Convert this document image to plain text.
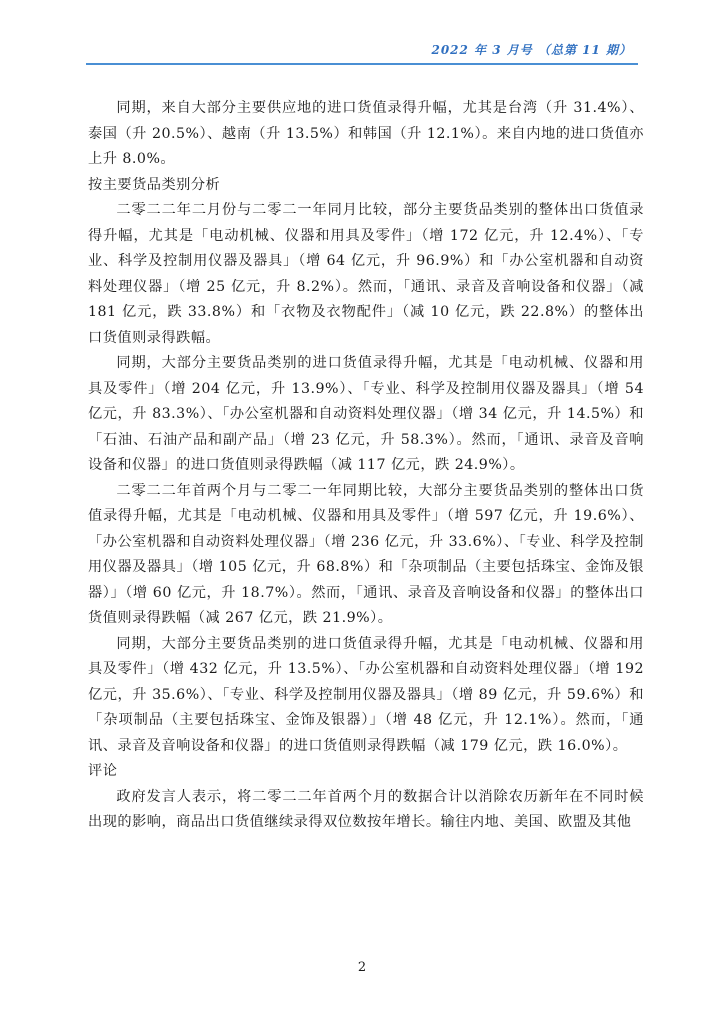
2022 年 3 月号 （总第 11 期）

同期，来自大部分主要供应地的进口货值录得升幅，尤其是台湾（升 31.4%）、泰国（升 20.5%）、越南（升 13.5%）和韩国（升 12.1%）。来自内地的进口货值亦上升 8.0%。

按主要货品类别分析

二零二二年二月份与二零二一年同月比较，部分主要货品类别的整体出口货值录得升幅，尤其是「电动机械、仪器和用具及零件」（增 172 亿元，升 12.4%）、「专业、科学及控制用仪器及器具」（增 64 亿元，升 96.9%）和「办公室机器和自动资料处理仪器」（增 25 亿元，升 8.2%）。然而，「通讯、录音及音响设备和仪器」（减 181 亿元，跌 33.8%）和「衣物及衣物配件」（减 10 亿元，跌 22.8%）的整体出口货值则录得跌幅。

同期，大部分主要货品类别的进口货值录得升幅，尤其是「电动机械、仪器和用具及零件」（增 204 亿元，升 13.9%）、「专业、科学及控制用仪器及器具」（增 54 亿元，升 83.3%）、「办公室机器和自动资料处理仪器」（增 34 亿元，升 14.5%）和「石油、石油产品和副产品」（增 23 亿元，升 58.3%）。然而，「通讯、录音及音响设备和仪器」的进口货值则录得跌幅（减 117 亿元，跌 24.9%）。

二零二二年首两个月与二零二一年同期比较，大部分主要货品类别的整体出口货值录得升幅，尤其是「电动机械、仪器和用具及零件」（增 597 亿元，升 19.6%）、「办公室机器和自动资料处理仪器」（增 236 亿元，升 33.6%）、「专业、科学及控制用仪器及器具」（增 105 亿元，升 68.8%）和「杂项制品（主要包括珠宝、金饰及银器）」（增 60 亿元，升 18.7%）。然而，「通讯、录音及音响设备和仪器」的整体出口货值则录得跌幅（减 267 亿元，跌 21.9%）。

同期，大部分主要货品类别的进口货值录得升幅，尤其是「电动机械、仪器和用具及零件」（增 432 亿元，升 13.5%）、「办公室机器和自动资料处理仪器」（增 192 亿元，升 35.6%）、「专业、科学及控制用仪器及器具」（增 89 亿元，升 59.6%）和「杂项制品（主要包括珠宝、金饰及银器）」（增 48 亿元，升 12.1%）。然而，「通讯、录音及音响设备和仪器」的进口货值则录得跌幅（减 179 亿元，跌 16.0%）。

评论

政府发言人表示，将二零二二年首两个月的数据合计以消除农历新年在不同时候出现的影响，商品出口货值继续录得双位数按年增长。输往内地、美国、欧盟及其他

2
